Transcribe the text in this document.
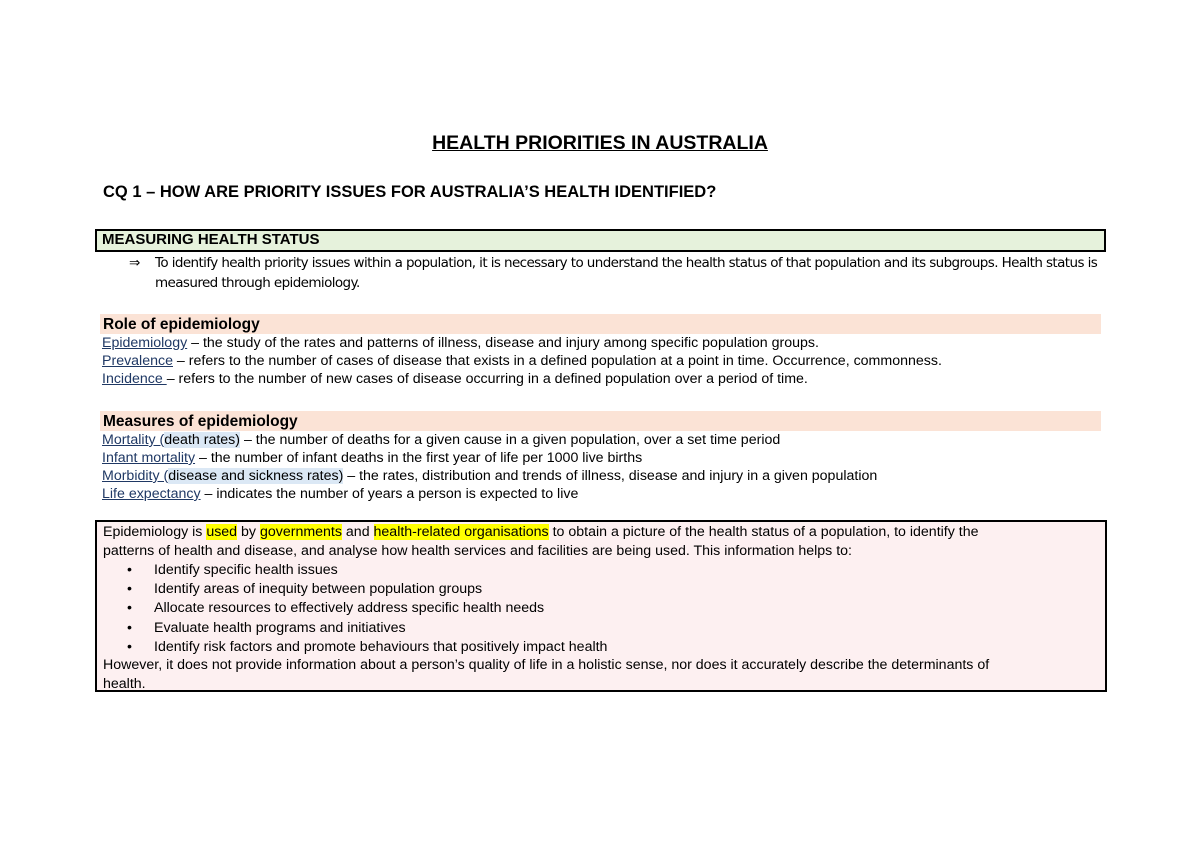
HEALTH PRIORITIES IN AUSTRALIA
CQ 1 – HOW ARE PRIORITY ISSUES FOR AUSTRALIA’S HEALTH IDENTIFIED?
MEASURING HEALTH STATUS
⇒ To identify health priority issues within a population, it is necessary to understand the health status of that population and its subgroups. Health status is
measured through epidemiology.
Role of epidemiology
Epidemiology – the study of the rates and patterns of illness, disease and injury among specific population groups.
Prevalence – refers to the number of cases of disease that exists in a defined population at a point in time. Occurrence, commonness.
Incidence – refers to the number of new cases of disease occurring in a defined population over a period of time.
Measures of epidemiology
Mortality (death rates) – the number of deaths for a given cause in a given population, over a set time period
Infant mortality – the number of infant deaths in the first year of life per 1000 live births
Morbidity (disease and sickness rates) – the rates, distribution and trends of illness, disease and injury in a given population
Life expectancy – indicates the number of years a person is expected to live
Epidemiology is used by governments and health-related organisations to obtain a picture of the health status of a population, to identify the
patterns of health and disease, and analyse how health services and facilities are being used. This information helps to:
• Identify specific health issues
• Identify areas of inequity between population groups
• Allocate resources to effectively address specific health needs
• Evaluate health programs and initiatives
• Identify risk factors and promote behaviours that positively impact health
However, it does not provide information about a person’s quality of life in a holistic sense, nor does it accurately describe the determinants of
health.
